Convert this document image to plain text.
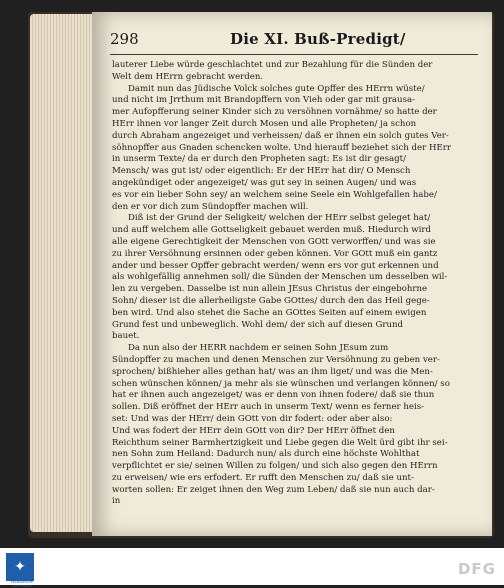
298	Die XI. Buß-Predigt/
lauterer Liebe würde geschlachtet und zur Bezahlung für die Sünden der
Welt dem HErrn gebracht werden.
Damit nun das Jüdische Volck solches gute Opffer des HErrn wüste/
und nicht im Jrrthum mit Brandopffern von Vieh oder gar mit grausa-
mer Aufopfferung seiner Kinder sich zu versöhnen vornähme/ so hatte der
HErr ihnen vor langer Zeit durch Mosen und alle Propheten/ ja schon
durch Abraham angezeiget und verheissen/ daß er ihnen ein solch gutes Ver-
söhnopffer aus Gnaden schencken wolte. Und hierauff beziehet sich der HErr
in unserm Texte/ da er durch den Propheten sagt: Es ist dir gesagt/
Mensch/ was gut ist/ oder eigentlich: Er der HErr hat dir/ O Mensch
angekündiget oder angezeiget/ was gut sey in seinen Augen/ und was
es vor ein lieber Sohn sey/ an welchem seine Seele ein Wohlgefallen habe/
den er vor dich zum Sündopffer machen will.
Diß ist der Grund der Seligkeit/ welchen der HErr selbst geleget hat/
und auff welchem alle Gottseligkeit gebauet werden muß. Hiedurch wird
alle eigene Gerechtigkeit der Menschen von GOtt verworffen/ und was sie
zu ihrer Versöhnung ersinnen oder geben können. Vor GOtt muß ein gantz
ander und besser Opffer gebracht werden/ wenn ers vor gut erkennen und
als wohlgefällig annehmen soll/ die Sünden der Menschen um desselben wil-
len zu vergeben. Dasselbe ist nun allein JEsus Christus der eingebohrne
Sohn/ dieser ist die allerheiligste Gabe GOttes/ durch den das Heil gege-
ben wird. Und also stehet die Sache an GOttes Seiten auf einem ewigen
Grund fest und unbeweglich. Wohl dem/ der sich auf diesen Grund
bauet.
Da nun also der HERR nachdem er seinen Sohn JEsum zum
Sündopffer zu machen und denen Menschen zur Versöhnung zu geben ver-
sprochen/ bißhieher alles gethan hat/ was an ihm liget/ und was die Men-
schen wünschen können/ ja mehr als sie wünschen und verlangen können/ so
hat er ihnen auch angezeiget/ was er denn von ihnen fodere/ daß sie thun
sollen. Diß eröffnet der HErr auch in unserm Text/ wenn es ferner heis-
set: Und was der HErr/ dein GOtt von dir fodert: oder aber also:
Und was fodert der HErr dein GOtt von dir? Der HErr öffnet den
Reichthum seiner Barmhertzigkeit und Liebe gegen die Welt ürd gibt ihr sei-
nen Sohn zum Heiland: Dadurch nun/ als durch eine höchste Wohlthat
verpflichtet er sie/ seinen Willen zu folgen/ und sich also gegen den HErrn
zu erweisen/ wie ers erfodert. Er rufft den Menschen zu/ daß sie unt-
worten sollen: Er zeiget ihnen den Weg zum Leben/ daß sie nun auch dar-
in
✦
FRANCKESCHE STIFTUNGEN
DFG
